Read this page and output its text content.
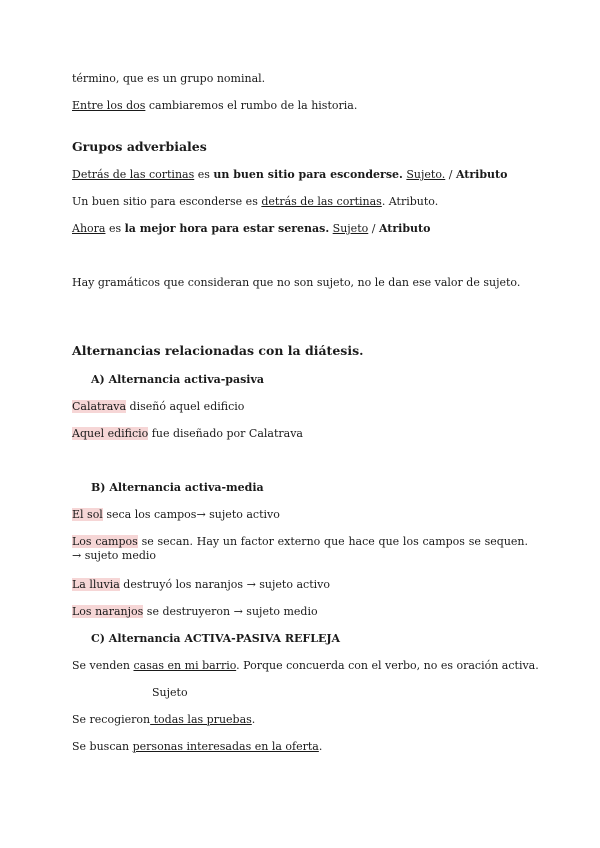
término, que es un grupo nominal.
Entre los dos cambiaremos el rumbo de la historia.
Grupos adverbiales
Detrás de las cortinas es un buen sitio para esconderse. Sujeto. / Atributo
Un buen sitio para esconderse es detrás de las cortinas. Atributo.
Ahora es la mejor hora para estar serenas. Sujeto / Atributo
Hay gramáticos que consideran que no son sujeto, no le dan ese valor de sujeto.
Alternancias relacionadas con la diátesis.
A) Alternancia activa-pasiva
Calatrava diseñó aquel edificio
Aquel edificio fue diseñado por Calatrava
B) Alternancia activa-media
El sol seca los campos→ sujeto activo
Los campos se secan. Hay un factor externo que hace que los campos se sequen. → sujeto medio
La lluvia destruyó los naranjos → sujeto activo
Los naranjos se destruyeron → sujeto medio
C) Alternancia ACTIVA-PASIVA REFLEJA
Se venden casas en mi barrio. Porque concuerda con el verbo, no es oración activa.
Sujeto
Se recogieron todas las pruebas.
Se buscan personas interesadas en la oferta.
